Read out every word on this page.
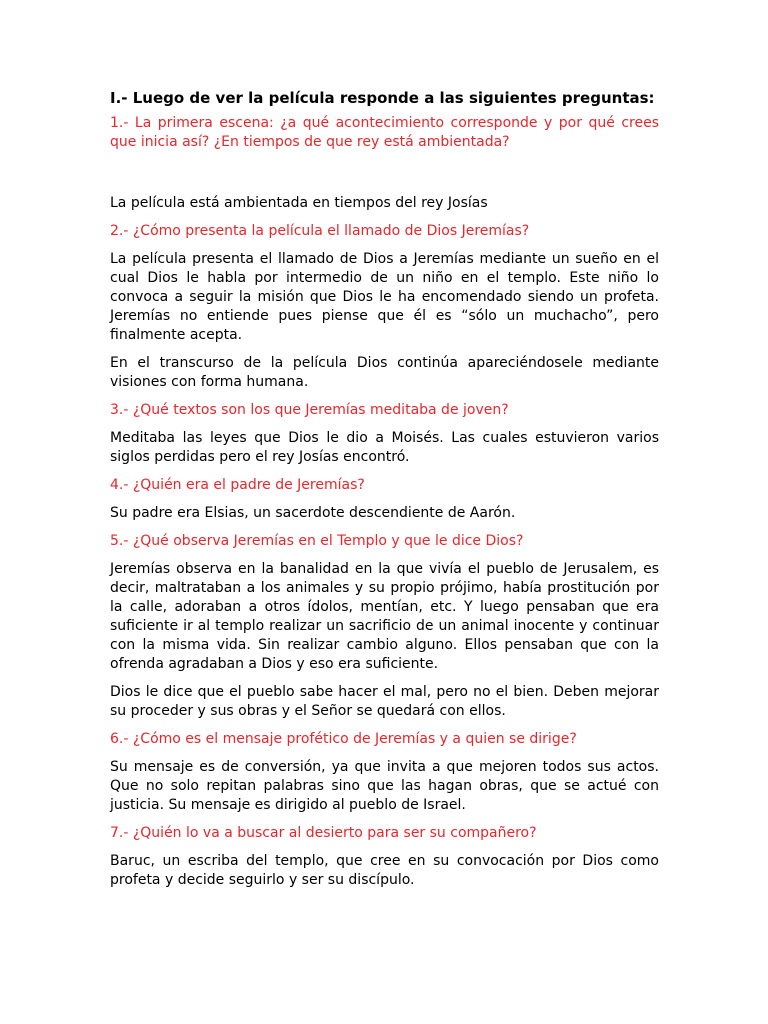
I.- Luego de ver la película responde a las siguientes preguntas:

1.- La primera escena: ¿a qué acontecimiento corresponde y por qué crees que inicia así? ¿En tiempos de que rey está ambientada?

La película está ambientada en tiempos del rey Josías

2.- ¿Cómo presenta la película el llamado de Dios Jeremías?

La película presenta el llamado de Dios a Jeremías mediante un sueño en el cual Dios le habla por intermedio de un niño en el templo. Este niño lo convoca a seguir la misión que Dios le ha encomendado siendo un profeta. Jeremías no entiende pues piense que él es “sólo un muchacho”, pero finalmente acepta.

En el transcurso de la película Dios continúa apareciéndosele mediante visiones con forma humana.

3.- ¿Qué textos son los que Jeremías meditaba de joven?

Meditaba las leyes que Dios le dio a Moisés. Las cuales estuvieron varios siglos perdidas pero el rey Josías encontró.

4.- ¿Quién era el padre de Jeremías?

Su padre era Elsias, un sacerdote descendiente de Aarón.

5.- ¿Qué observa Jeremías en el Templo y que le dice Dios?

Jeremías observa en la banalidad en la que vivía el pueblo de Jerusalem, es decir, maltrataban a los animales y su propio prójimo, había prostitución por la calle, adoraban a otros ídolos, mentían, etc. Y luego pensaban que era suficiente ir al templo realizar un sacrificio de un animal inocente y continuar con la misma vida. Sin realizar cambio alguno. Ellos pensaban que con la ofrenda agradaban a Dios y eso era suficiente.

Dios le dice que el pueblo sabe hacer el mal, pero no el bien. Deben mejorar su proceder y sus obras y el Señor se quedará con ellos.

6.- ¿Cómo es el mensaje profético de Jeremías y a quien se dirige?

Su mensaje es de conversión, ya que invita a que mejoren todos sus actos. Que no solo repitan palabras sino que las hagan obras, que se actué con justicia. Su mensaje es dirigido al pueblo de Israel.

7.- ¿Quién lo va a buscar al desierto para ser su compañero?

Baruc, un escriba del templo, que cree en su convocación por Dios como profeta y decide seguirlo y ser su discípulo.
